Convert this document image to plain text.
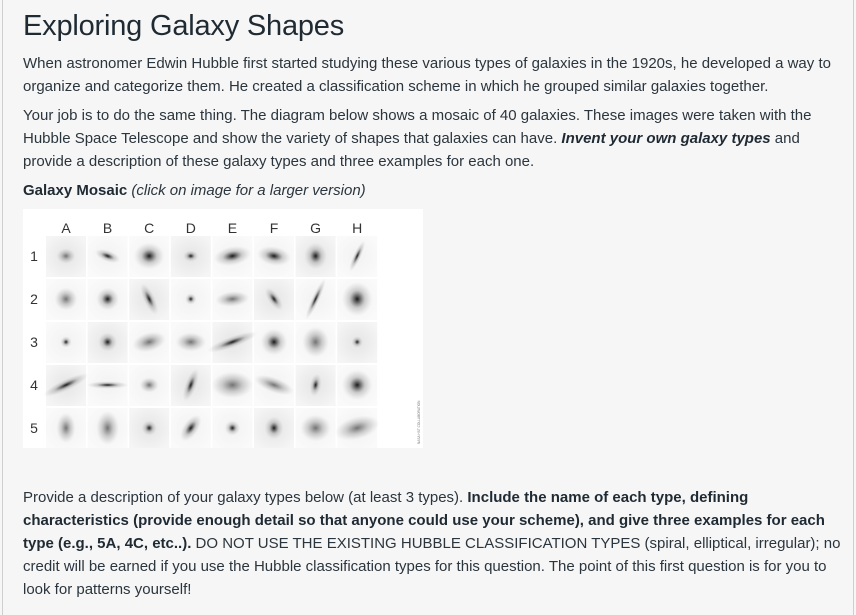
Exploring Galaxy Shapes

When astronomer Edwin Hubble first started studying these various types of galaxies in the 1920s, he developed a way to organize and categorize them. He created a classification scheme in which he grouped similar galaxies together.

Your job is to do the same thing. The diagram below shows a mosaic of 40 galaxies. These images were taken with the Hubble Space Telescope and show the variety of shapes that galaxies can have. Invent your own galaxy types and provide a description of these galaxy types and three examples for each one.

Galaxy Mosaic (click on image for a larger version)

A B C D E F G H
1
2
3
4
5	NASA HST COLLABORATION

Provide a description of your galaxy types below (at least 3 types). Include the name of each type, defining characteristics (provide enough detail so that anyone could use your scheme), and give three examples for each type (e.g., 5A, 4C, etc..). DO NOT USE THE EXISTING HUBBLE CLASSIFICATION TYPES (spiral, elliptical, irregular); no credit will be earned if you use the Hubble classification types for this question. The point of this first question is for you to look for patterns yourself!
